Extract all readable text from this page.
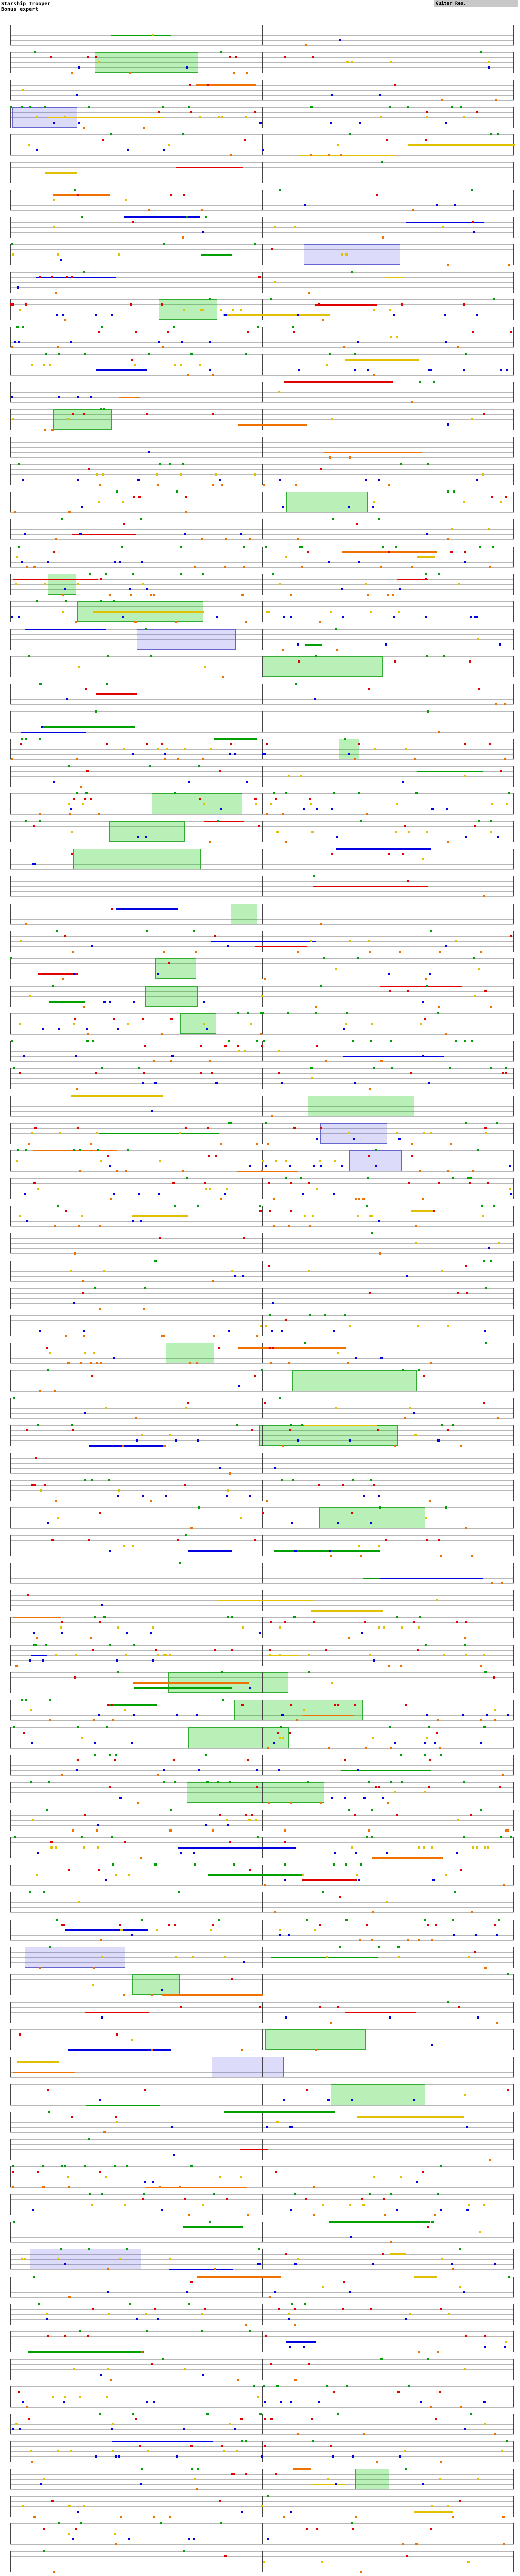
Starship Trooper
Bonus expert
Guitar Res.
